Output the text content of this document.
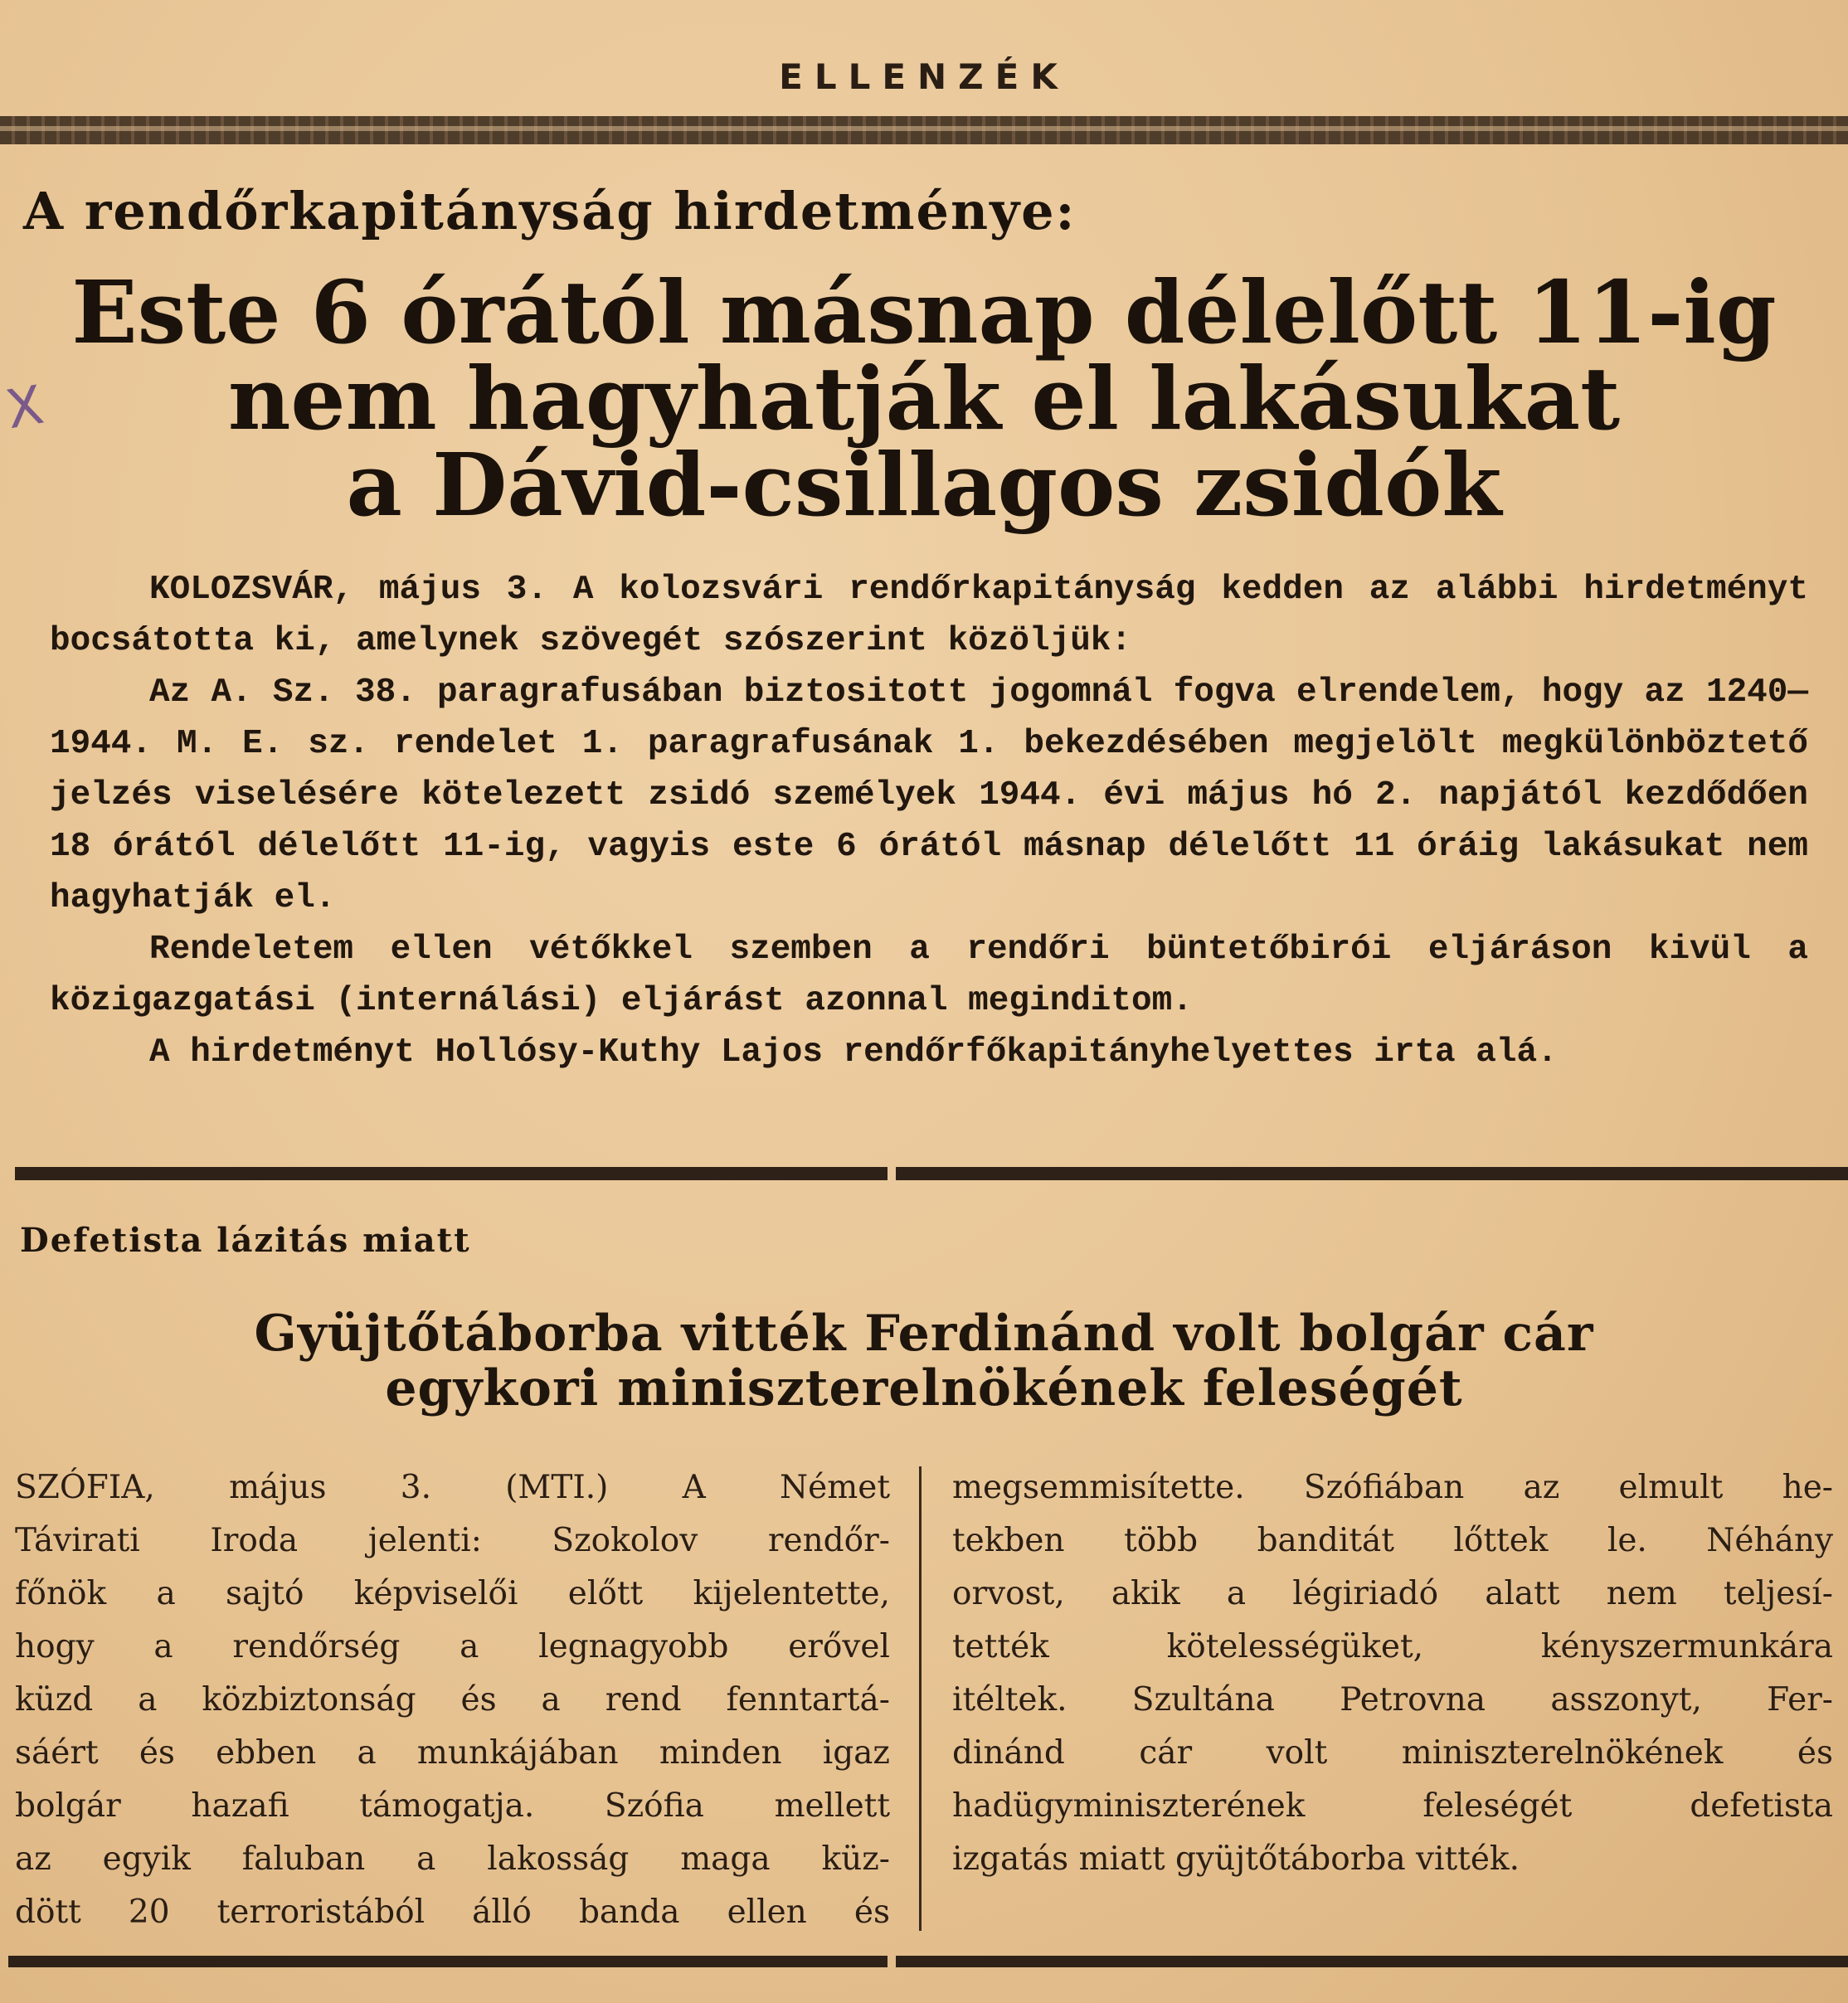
ELLENZÉK
X
A rendőrkapitányság hirdetménye:
Este 6 órától másnap délelőtt 11-ig
nem hagyhatják el lakásukat
a Dávid-csillagos zsidók

KOLOZSVÁR, május 3. A kolozsvári rendőrkapitányság kedden az alábbi hirdetményt bocsátotta ki, amelynek szövegét szószerint közöljük:

Az A. Sz. 38. paragrafusában biztositott jogomnál fogva elrendelem, hogy az 1240—1944. M. E. sz. rendelet 1. paragrafusának 1. bekezdésében megjelölt megkülönböztető jelzés viselésére kötelezett zsidó személyek 1944. évi május hó 2. napjától kezdődően 18 órától délelőtt 11-ig, vagyis este 6 órától másnap délelőtt 11 óráig lakásukat nem hagyhatják el.

Rendeletem ellen vétőkkel szemben a rendőri büntetőbirói eljáráson kivül a közigazgatási (internálási) eljárást azonnal meginditom.

A hirdetményt Hollósy-Kuthy Lajos rendőrfőkapitányhelyettes irta alá.

Defetista lázitás miatt
Gyüjtőtáborba vitték Ferdinánd volt bolgár cár
egykori miniszterelnökének feleségét
SZÓFIA, május 3. (MTI.) A Német
Távirati Iroda jelenti: Szokolov rendőr-
főnök a sajtó képviselői előtt kijelentette,
hogy a rendőrség a legnagyobb erővel
küzd a közbiztonság és a rend fenntartá-
sáért és ebben a munkájában minden igaz
bolgár hazafi támogatja. Szófia mellett
az egyik faluban a lakosság maga küz-
dött 20 terroristából álló banda ellen és
megsemmisítette. Szófiában az elmult he-
tekben több banditát lőttek le. Néhány
orvost, akik a légiriadó alatt nem teljesí-
tették	kötelességüket,	kényszermunkára
itéltek. Szultána Petrovna asszonyt, Fer-
dinánd cár volt miniszterelnökének és
hadügyminiszterének	feleségét	defetista
izgatás miatt gyüjtőtáborba vitték.
